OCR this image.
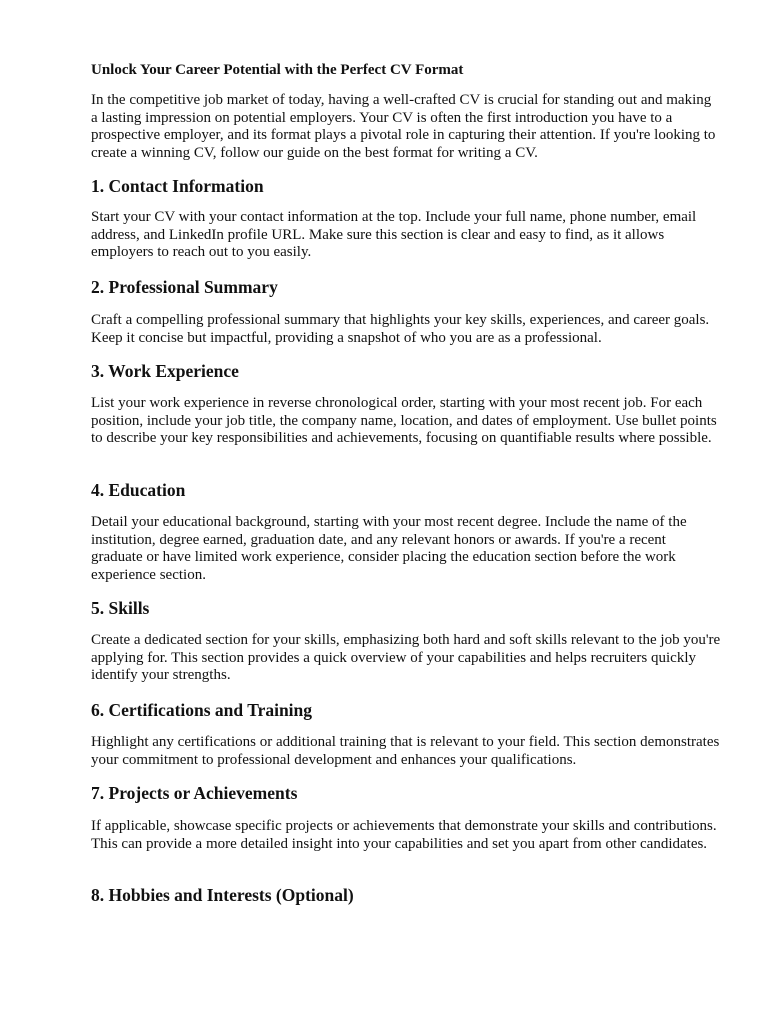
Unlock Your Career Potential with the Perfect CV Format

In the competitive job market of today, having a well-crafted CV is crucial for standing out and making a lasting impression on potential employers. Your CV is often the first introduction you have to a prospective employer, and its format plays a pivotal role in capturing their attention. If you're looking to create a winning CV, follow our guide on the best format for writing a CV.

1. Contact Information

Start your CV with your contact information at the top. Include your full name, phone number, email address, and LinkedIn profile URL. Make sure this section is clear and easy to find, as it allows employers to reach out to you easily.

2. Professional Summary

Craft a compelling professional summary that highlights your key skills, experiences, and career goals. Keep it concise but impactful, providing a snapshot of who you are as a professional.

3. Work Experience

List your work experience in reverse chronological order, starting with your most recent job. For each position, include your job title, the company name, location, and dates of employment. Use bullet points to describe your key responsibilities and achievements, focusing on quantifiable results where possible.

4. Education

Detail your educational background, starting with your most recent degree. Include the name of the institution, degree earned, graduation date, and any relevant honors or awards. If you're a recent graduate or have limited work experience, consider placing the education section before the work experience section.

5. Skills

Create a dedicated section for your skills, emphasizing both hard and soft skills relevant to the job you're applying for. This section provides a quick overview of your capabilities and helps recruiters quickly identify your strengths.

6. Certifications and Training

Highlight any certifications or additional training that is relevant to your field. This section demonstrates your commitment to professional development and enhances your qualifications.

7. Projects or Achievements

If applicable, showcase specific projects or achievements that demonstrate your skills and contributions. This can provide a more detailed insight into your capabilities and set you apart from other candidates.

8. Hobbies and Interests (Optional)
